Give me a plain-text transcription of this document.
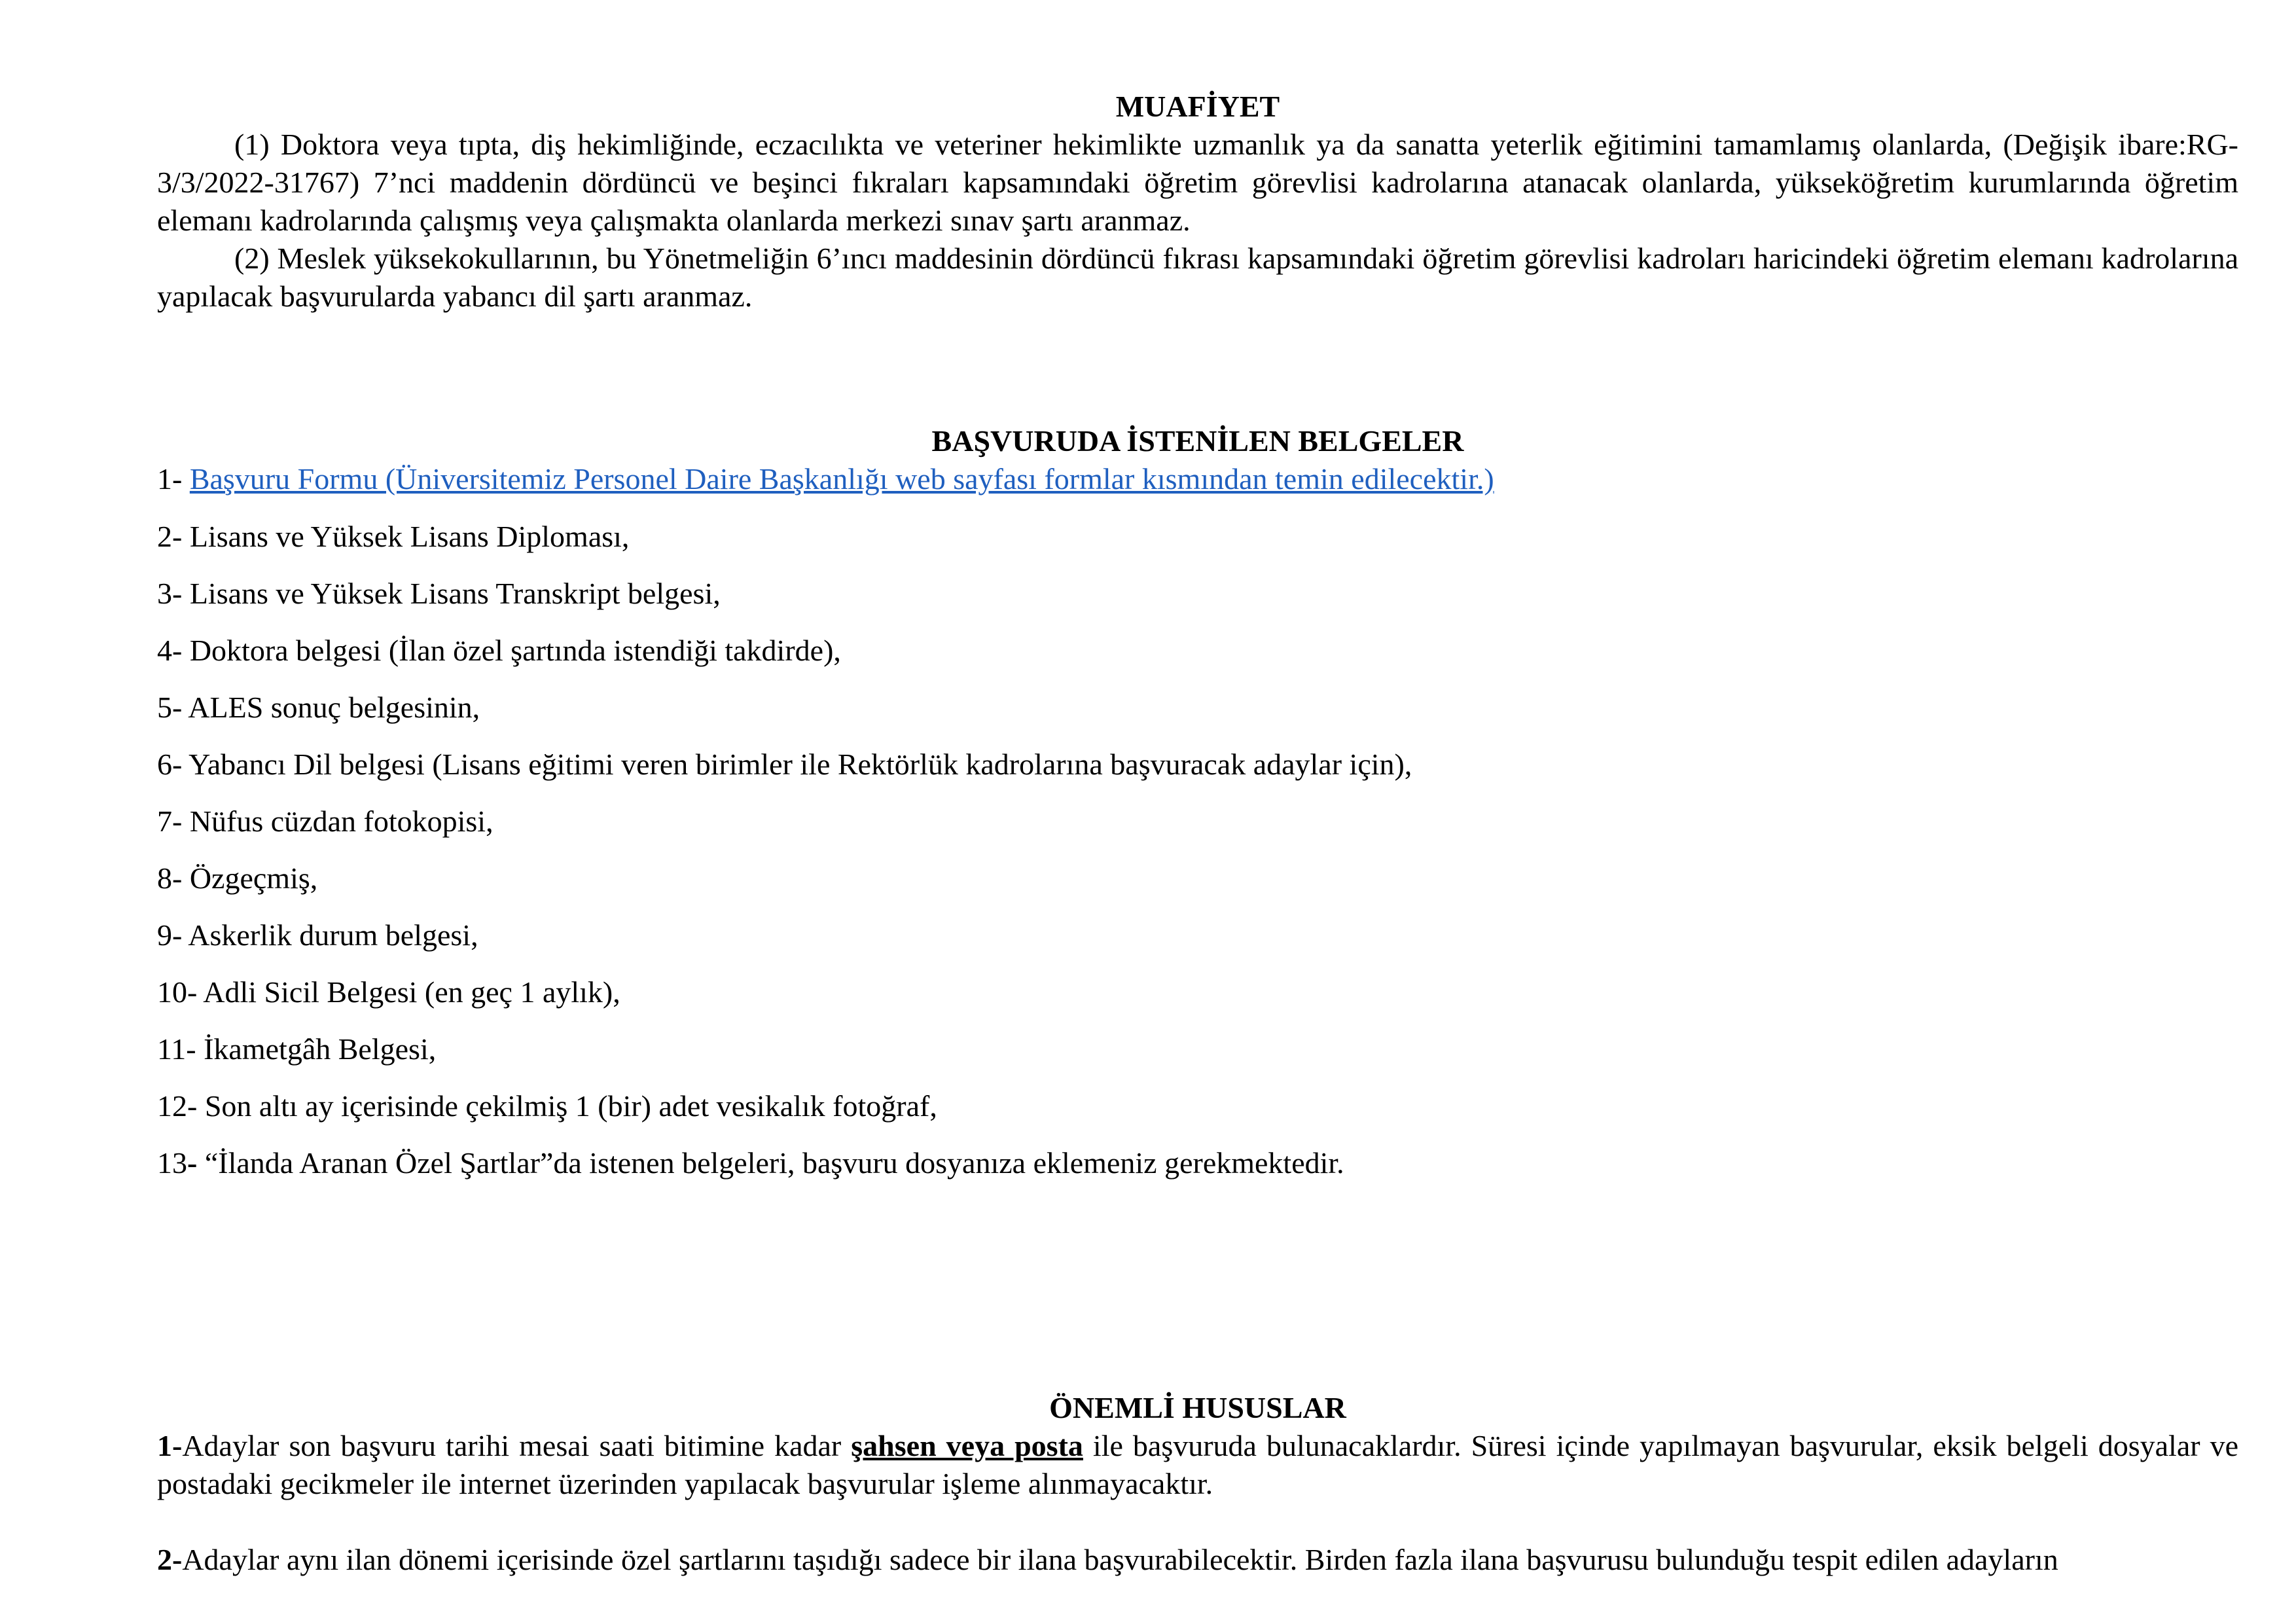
MUAFİYET

(1) Doktora veya tıpta, diş hekimliğinde, eczacılıkta ve veteriner hekimlikte uzmanlık ya da sanatta yeterlik eğitimini tamamlamış olanlarda, (Değişik ibare:RG-3/3/2022-31767) 7’nci maddenin dördüncü ve beşinci fıkraları kapsamındaki öğretim görevlisi kadrolarına atanacak olanlarda, yükseköğretim kurumlarında öğretim elemanı kadrolarında çalışmış veya çalışmakta olanlarda merkezi sınav şartı aranmaz.

(2) Meslek yüksekokullarının, bu Yönetmeliğin 6’ıncı maddesinin dördüncü fıkrası kapsamındaki öğretim görevlisi kadroları haricindeki öğretim elemanı kadrolarına yapılacak başvurularda yabancı dil şartı aranmaz.

BAŞVURUDA İSTENİLEN BELGELER
1- Başvuru Formu (Üniversitemiz Personel Daire Başkanlığı web sayfası formlar kısmından temin edilecektir.)
2- Lisans ve Yüksek Lisans Diploması,
3- Lisans ve Yüksek Lisans Transkript belgesi,
4- Doktora belgesi (İlan özel şartında istendiği takdirde),
5- ALES sonuç belgesinin,
6- Yabancı Dil belgesi (Lisans eğitimi veren birimler ile Rektörlük kadrolarına başvuracak adaylar için),
7- Nüfus cüzdan fotokopisi,
8- Özgeçmiş,
9- Askerlik durum belgesi,
10- Adli Sicil Belgesi (en geç 1 aylık),
11- İkametgâh Belgesi,
12- Son altı ay içerisinde çekilmiş 1 (bir) adet vesikalık fotoğraf,
13- “İlanda Aranan Özel Şartlar”da istenen belgeleri, başvuru dosyanıza eklemeniz gerekmektedir.
ÖNEMLİ HUSUSLAR

1-Adaylar son başvuru tarihi mesai saati bitimine kadar şahsen veya posta ile başvuruda bulunacaklardır. Süresi içinde yapılmayan başvurular, eksik belgeli dosyalar ve postadaki gecikmeler ile internet üzerinden yapılacak başvurular işleme alınmayacaktır.

2-Adaylar aynı ilan dönemi içerisinde özel şartlarını taşıdığı sadece bir ilana başvurabilecektir. Birden fazla ilana başvurusu bulunduğu tespit edilen adayların
